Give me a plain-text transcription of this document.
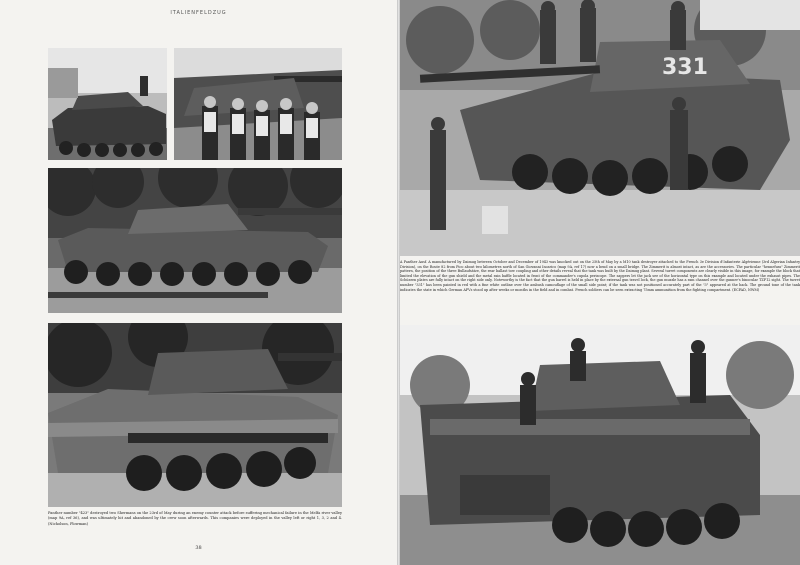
ITALIENFELDZUG
Panther number "423" destroyed two Shermans on the 23rd of May during an enemy counter attack before suffering mechanical failure in the Melfa river valley (map 9A, ref 36), and was ultimately hit and abandoned by the crew soon afterwards. This companies were deployed in the valley left or right 1, 3, 2 and 4. (Nicholson, Plowman)
38
331
A Panther Ausf. A manufactured by Daimug between October and December of 1943 was knocked out on the 25th of May by a M10 tank destroyer attached to the French 3e Division d'Infanterie Algérienne (3rd Algerian Infantry Division), on the Route 82 from Pico about two kilometres north of San Giovanni Incarico (map 9A, ref 17) now a bend on a small bridge. The Zimmerit is almost intact, as are the accessories. The particular "hennefuss" Zimmerit pattern, the position of the three Bullaufsätze, the rear ballast tow coupling and other details reveal that the tank was built by the Daimug plant. Several turret components are clearly visible in this image, for example the block that limited the elevation of the gun shield and the metal rain baffle located in front of the commander's cupola periscope. The sappers let the jack see of the horizontal type on this example and located under the exhaust pipes. The Schürzen plates are fully intact on the right side only. Noteworthy is the fact that the gun barrel is held in place by the external gun travel lock, the gun muzzle has a ram channel over the gunner's binocular TZF12 sight. The turret number "331" has been painted in red with a fine white outline over the ambush camouflage of the small side point; if the tank was not positioned accurately part of the "3" appeared at the back. The ground tone of the tank indicates the state in which German AFVs stood up after weeks or months in the field and in combat. French soldiers can be seen extracting 75mm ammunition from the fighting compartment. (ECPAD, NWM)
